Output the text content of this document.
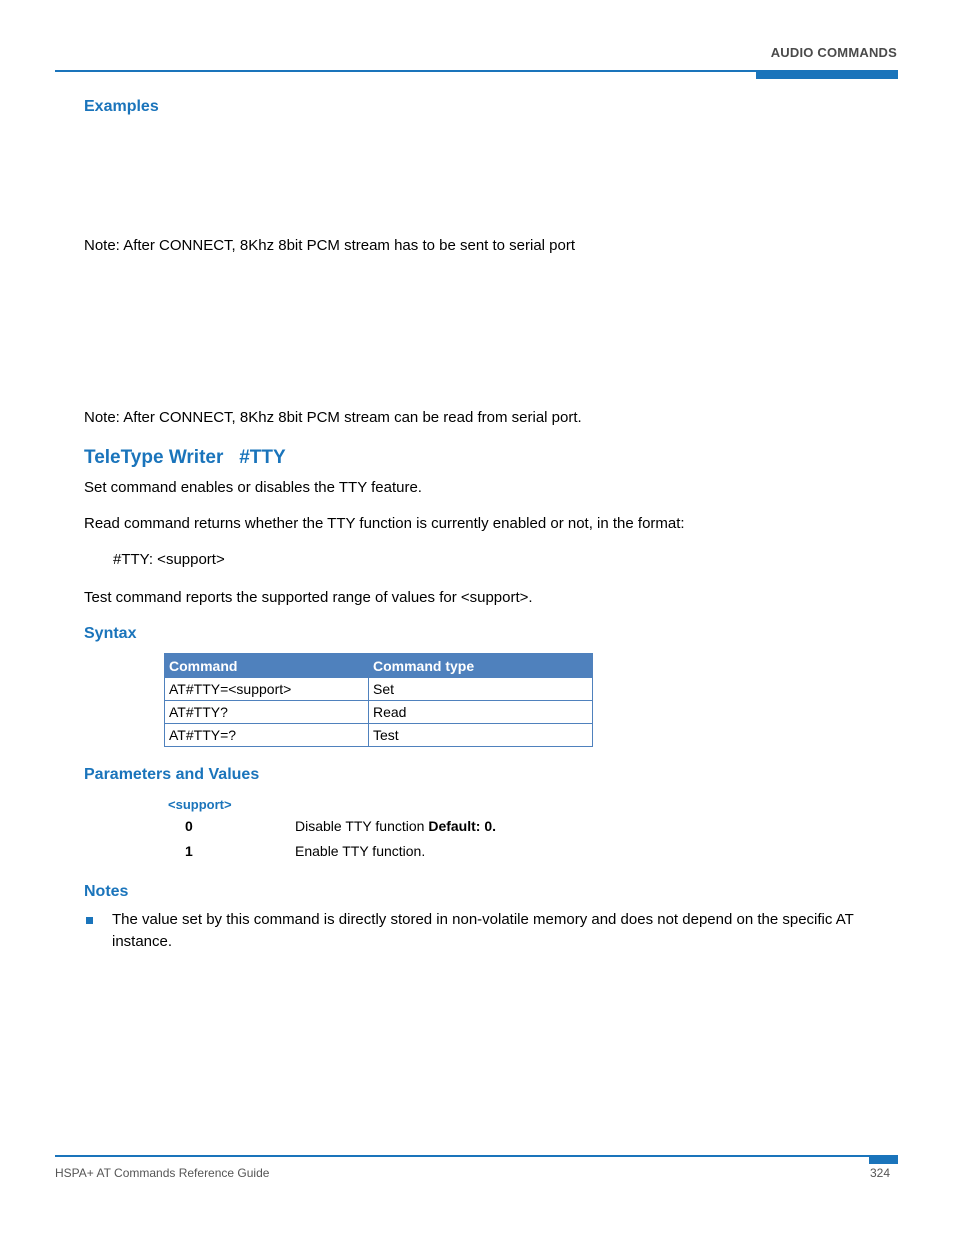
AUDIO COMMANDS
Examples
Note: After CONNECT, 8Khz 8bit PCM stream has to be sent to serial port
Note: After CONNECT, 8Khz 8bit PCM stream can be read from serial port.
TeleType Writer   #TTY
Set command enables or disables the TTY feature.
Read command returns whether the TTY function is currently enabled or not, in the format:
#TTY: <support>
Test command reports the supported range of values for <support>.
Syntax
Command	Command type
AT#TTY=<support>	Set
AT#TTY?	Read
AT#TTY=?	Test
Parameters and Values
<support>
0	Disable TTY function Default: 0.
1	Enable TTY function.
Notes
The value set by this command is directly stored in non-volatile memory and does not depend on the specific AT instance.
HSPA+ AT Commands Reference Guide	324
